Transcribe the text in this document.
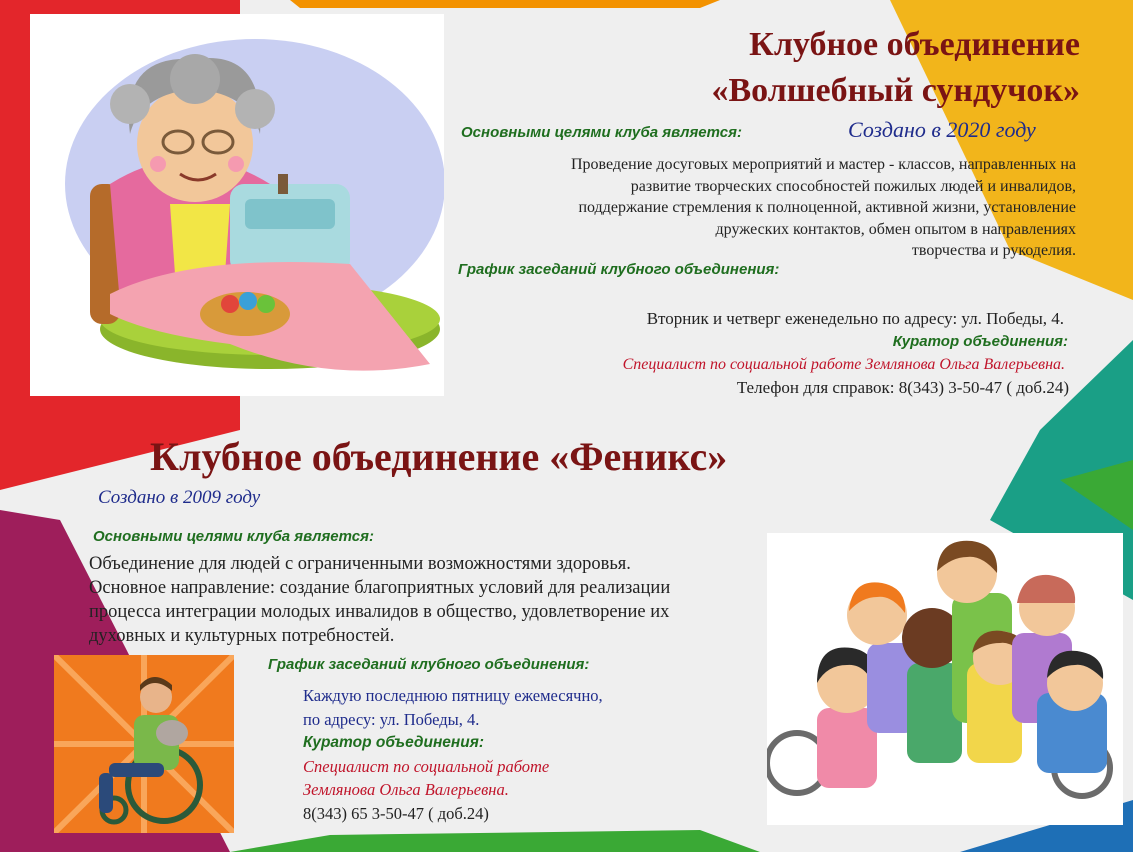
Клубное объединение
«Волшебный сундучок»
Основными целями клуба является:	Создано в 2020 году
Проведение досуговых мероприятий и мастер - классов, направленных на
развитие творческих способностей пожилых людей и инвалидов,
поддержание стремления к полноценной, активной жизни, установление
дружеских контактов, обмен опытом в направлениях
творчества и рукоделия.
График заседаний клубного объединения:
Вторник и четверг еженедельно по адресу: ул. Победы, 4.
Куратор объединения:
Специалист по социальной работе Землянова Ольга Валерьевна.
Телефон для справок: 8(343) 3-50-47 ( доб.24)
Клубное объединение «Феникс»
Создано в 2009 году
Основными целями клуба является:
Объединение для людей с ограниченными возможностями здоровья.
Основное направление: создание благоприятных условий для реализации
процесса интеграции молодых инвалидов в общество, удовлетворение их
духовных и культурных потребностей.
График заседаний клубного объединения:
Каждую последнюю пятницу ежемесячно,
по адресу: ул. Победы, 4.
Куратор объединения:
Специалист по социальной работе
Землянова Ольга Валерьевна.
8(343) 65 3-50-47 ( доб.24)
